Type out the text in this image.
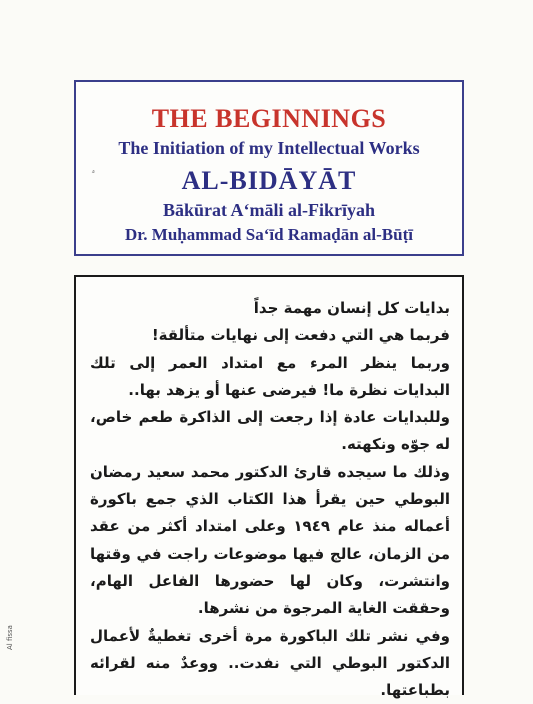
THE BEGINNINGS
The Initiation of my Intellectual Works
AL-BIDĀYĀT
Bākūrat A‘māli al-Fikrīyah
Dr. Muḥammad Sa‘īd Ramaḍān al-Būṭī
ﻋ

بدايات كل إنسان مهمة جداً

فربما هي التي دفعت إلى نهايات متألقة!

وربما ينظر المرء مع امتداد العمر إلى تلك البدايات نظرة ما! فيرضى عنها أو يزهد بها..

وللبدايات عادة إذا رجعت إلى الذاكرة طعم خاص، له جوّه ونكهته.

وذلك ما سيجده قارئ الدكتور محمد سعيد رمضان البوطي حين يقرأ هذا الكتاب الذي جمع باكورة أعماله منذ عام ١٩٤٩ وعلى امتداد أكثر من عقد من الزمان، عالج فيها موضوعات راجت في وقتها وانتشرت، وكان لها حضورها الفاعل الهام، وحققت الغاية المرجوة من نشرها.

وفي نشر تلك الباكورة مرة أخرى تغطيةٌ لأعمال الدكتور البوطي التي نفدت.. ووعدٌ منه لقرائه بطباعتها.

Al fissa
